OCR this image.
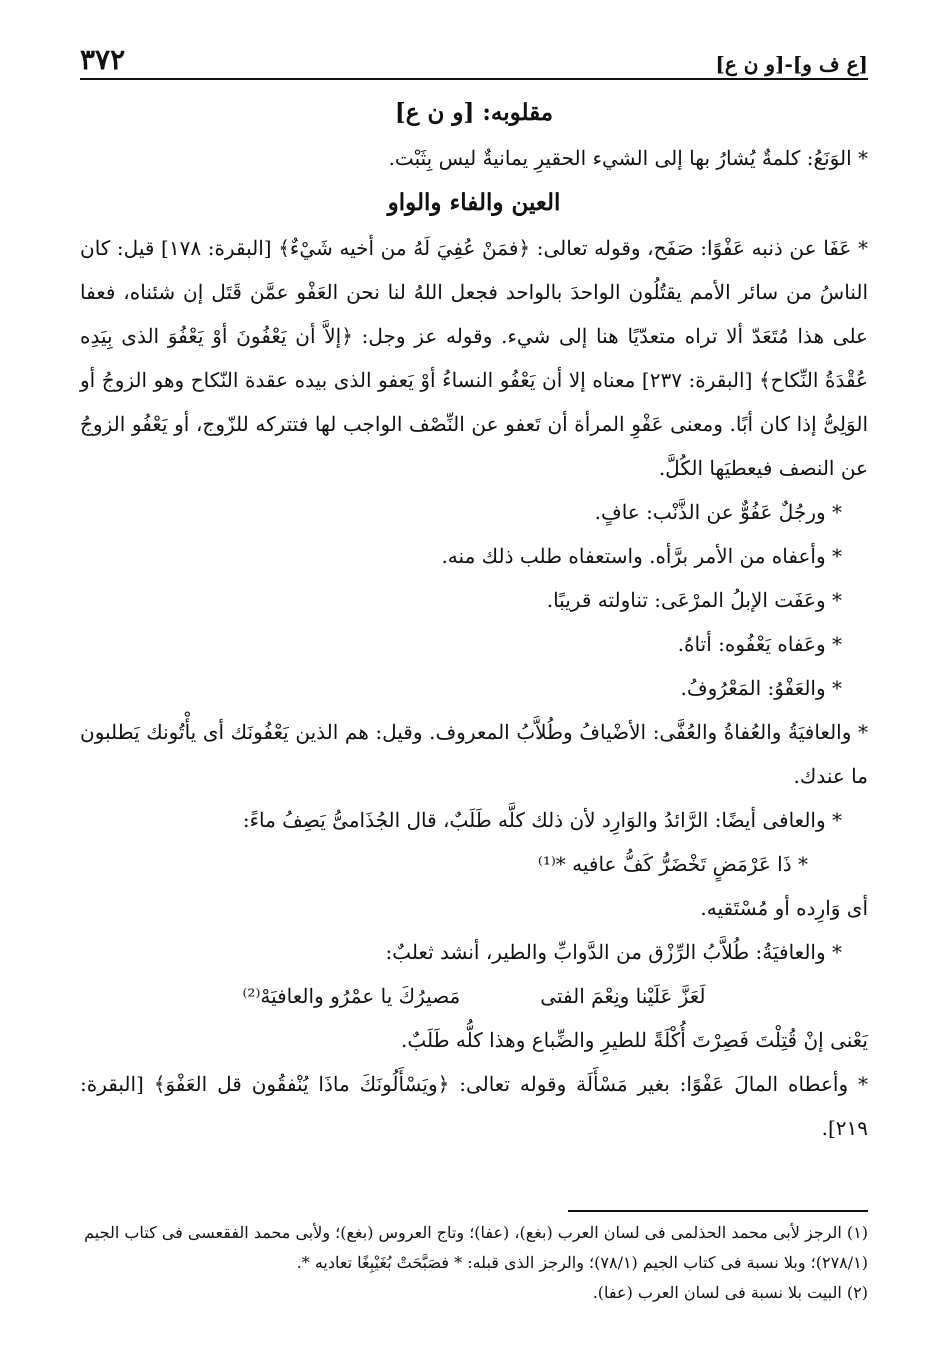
٣٧٢	[و ن ع]-[ع ف و]

مقلوبه: [و ن ع]

* الوَنَعُ: كلمةٌ يُشارُ بها إلى الشيء الحقيرِ يمانيةٌ ليس بِثَبْت.

العين والفاء والواو

* عَفَا عن ذنبه عَفْوًا: صَفَح، وقوله تعالى: ﴿فمَنْ عُفِيَ لَهُ من أخيه شَيْءٌ﴾ [البقرة: ١٧٨] قيل: كان الناسُ من سائر الأمم يقتُلُون الواحدَ بالواحد فجعل اللهُ لنا نحن العَفْو عمَّن قَتَل إن شئناه، فعفا على هذا مُتَعَدّ ألا تراه متعدّيًا هنا إلى شيء. وقوله عز وجل: ﴿إلاَّ أن يَعْفُونَ أوْ يَعْفُوَ الذى بِيَدِه عُقْدَةُ النِّكاح﴾ [البقرة: ٢٣٧] معناه إلا أن يَعْفُو النساءُ أوْ يَعفو الذى بيده عقدة النّكاح وهو الزوجُ أو الوَلِىُّ إذا كان أبًا. ومعنى عَفْوِ المرأة أن تَعفو عن النِّصْف الواجب لها فتتركه للزّوج، أو يَعْفُو الزوجُ عن النصف فيعطيَها الكُلَّ.

* ورجُلٌ عَفُوٌّ عن الذَّنْب: عافٍ.

* وأعفاه من الأمر برَّأه. واستعفاه طلب ذلك منه.

* وعَفَت الإبلُ المرْعَى: تناولته قريبًا.

* وعَفاه يَعْفُوه: أتاهُ.

* والعَفْوُ: المَعْرُوفُ.

* والعافيَةُ والعُفاةُ والعُفَّى: الأضْيافُ وطُلاَّبُ المعروف. وقيل: هم الذين يَعْفُونَك أى يأْتُونك يَطلبون ما عندك.

* والعافى أيضًا: الرَّائدُ والوَارِد لأن ذلك كلَّه طَلَبٌ، قال الجُذَامىُّ يَصِفُ ماءً:

* ذَا عَرْمَضٍ تَخْضَرُّ كَفُّ عافيه *⁽¹⁾

أى وَارِده أو مُسْتَقيه.

* والعافيَةُ: طُلاَّبُ الرِّزْق من الدَّوابِّ والطير، أنشد ثعلبٌ:

لَعَزَّ عَلَيْنا ونِعْمَ الفتى
مَصيرُكَ يا عمْرُو والعافيَهْ⁽²⁾

يَعْنى إنْ قُتِلْتَ فَصِرْتَ أُكْلَةً للطيرِ والضِّباع وهذا كلُّه طَلَبٌ.

* وأعطاه المالَ عَفْوًا: بغير مَسْأَلَة وقوله تعالى: ﴿ويَسْأَلُونَكَ ماذَا يُنْفقُون قل العَفْوَ﴾ [البقرة: ٢١٩].

(١) الرجز لأبى محمد الحذلمى فى لسان العرب (بغع)، (عفا)؛ وتاج العروس (بغع)؛ ولأبى محمد الفقعسى فى كتاب الجيم (٢٧٨/١)؛ وبلا نسبة فى كتاب الجيم (٧٨/١)؛ والرجز الذى قبله: * فصَبَّحَتْ بُغَيْبِغًا تعاديه *.

(٢) البيت بلا نسبة فى لسان العرب (عفا).
